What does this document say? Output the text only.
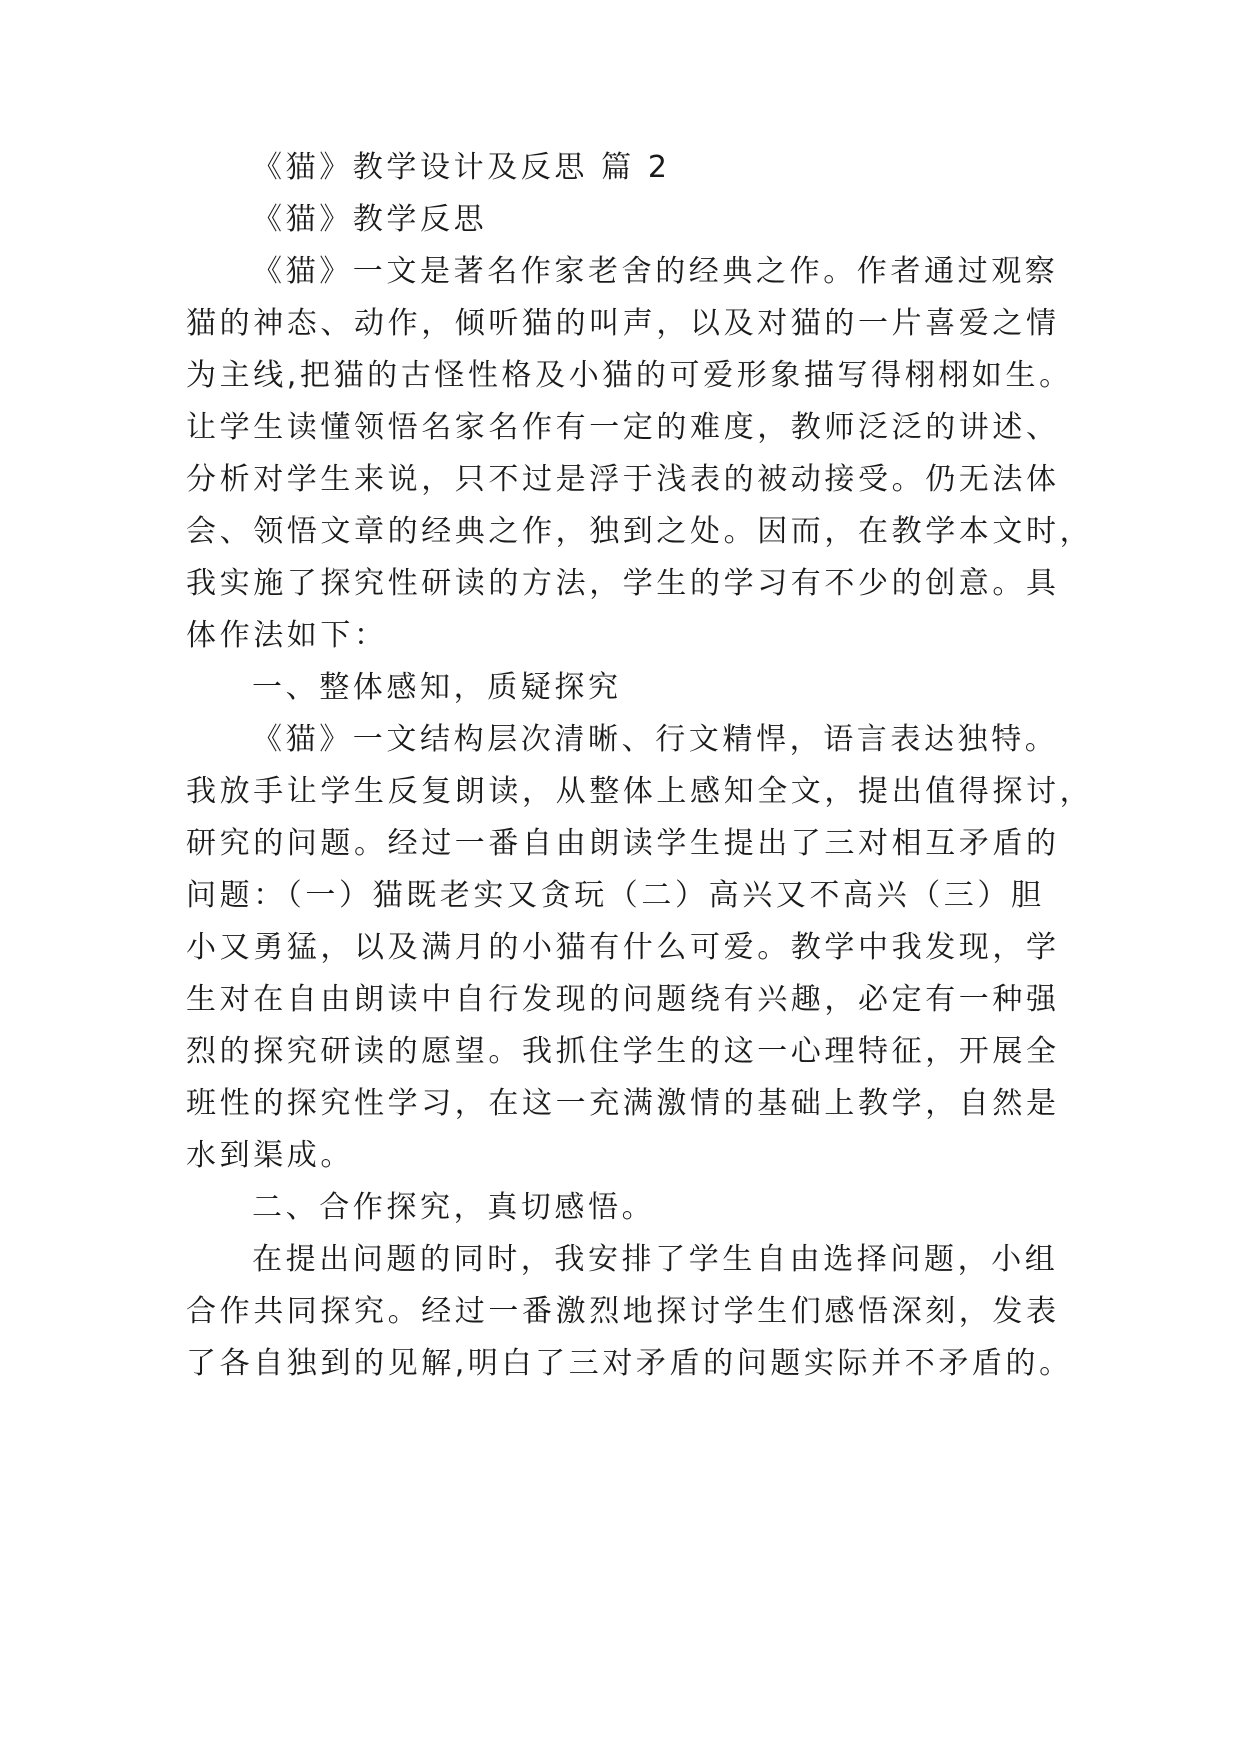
《猫》教学设计及反思 篇 2
《猫》教学反思
《猫》一文是著名作家老舍的经典之作。作者通过观察
猫的神态、动作，倾听猫的叫声，以及对猫的一片喜爱之情
为主线,把猫的古怪性格及小猫的可爱形象描写得栩栩如生。
让学生读懂领悟名家名作有一定的难度，教师泛泛的讲述、
分析对学生来说，只不过是浮于浅表的被动接受。仍无法体
会、领悟文章的经典之作，独到之处。因而，在教学本文时，
我实施了探究性研读的方法，学生的学习有不少的创意。具
体作法如下：
一、整体感知，质疑探究
《猫》一文结构层次清晰、行文精悍，语言表达独特。
我放手让学生反复朗读，从整体上感知全文，提出值得探讨，
研究的问题。经过一番自由朗读学生提出了三对相互矛盾的
问题：（一）猫既老实又贪玩（二）高兴又不高兴（三）胆
小又勇猛，以及满月的小猫有什么可爱。教学中我发现，学
生对在自由朗读中自行发现的问题绕有兴趣，必定有一种强
烈的探究研读的愿望。我抓住学生的这一心理特征，开展全
班性的探究性学习，在这一充满激情的基础上教学，自然是
水到渠成。
二、合作探究，真切感悟。
在提出问题的同时，我安排了学生自由选择问题，小组
合作共同探究。经过一番激烈地探讨学生们感悟深刻，发表
了各自独到的见解,明白了三对矛盾的问题实际并不矛盾的。
